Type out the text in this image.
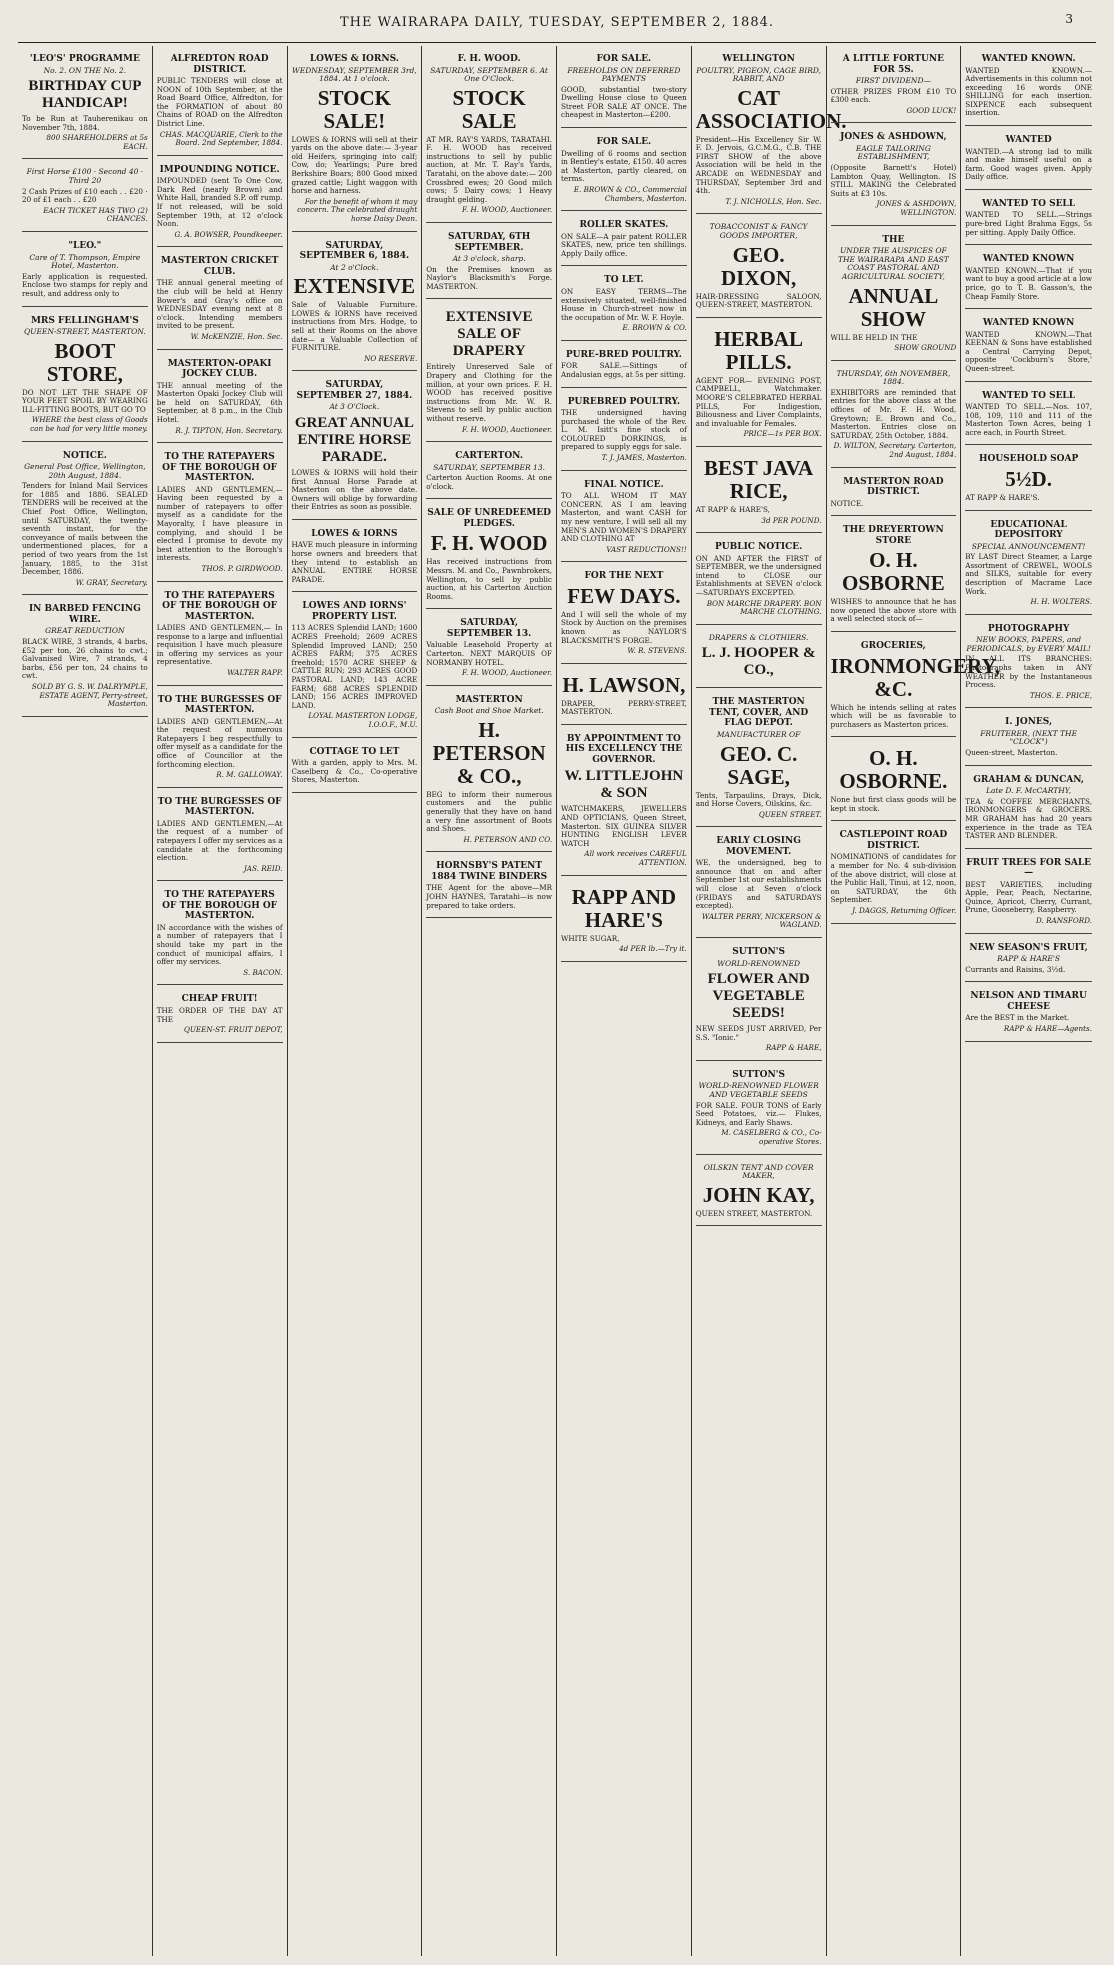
THE WAIRARAPA DAILY, TUESDAY, SEPTEMBER 2, 1884.	3
'LEO'S' PROGRAMME
No. 2. ON THE No. 2.
BIRTHDAY CUP HANDICAP!
To be Run at Tauherenikau on November 7th, 1884.
800 SHAREHOLDERS at 5s EACH.
First Horse £100 · Second 40 · Third 20
2 Cash Prizes of £10 each . . £20 · 20 of £1 each . . £20
EACH TICKET HAS TWO (2) CHANCES.
"LEO."
Care of T. Thompson, Empire Hotel, Masterton.
Early application is requested. Enclose two stamps for reply and result, and address only to
MRS FELLINGHAM'S
QUEEN-STREET, MASTERTON.
BOOT STORE,
DO NOT LET THE SHAPE OF YOUR FEET SPOIL BY WEARING ILL-FITTING BOOTS, BUT GO TO
WHERE the best class of Goods can be had for very little money.
NOTICE.
General Post Office, Wellington, 20th August, 1884.
Tenders for Inland Mail Services for 1885 and 1886. SEALED TENDERS will be received at the Chief Post Office, Wellington, until SATURDAY, the twenty-seventh instant, for the conveyance of mails between the undermentioned places, for a period of two years from the 1st January, 1885, to the 31st December, 1886.
W. GRAY, Secretary.
IN BARBED FENCING WIRE.
GREAT REDUCTION
BLACK WIRE, 3 strands, 4 barbs, £52 per ton, 26 chains to cwt.; Galvanised Wire, 7 strands, 4 barbs, £56 per ton, 24 chains to cwt.
SOLD BY G. S. W. DALRYMPLE, ESTATE AGENT, Perry-street, Masterton.
ALFREDTON ROAD DISTRICT.
PUBLIC TENDERS will close at NOON of 10th September, at the Road Board Office, Alfredton, for the FORMATION of about 80 Chains of ROAD on the Alfredton District Line.
CHAS. MACQUARIE, Clerk to the Board. 2nd September, 1884.
IMPOUNDING NOTICE.
IMPOUNDED (sent To One Cow, Dark Red (nearly Brown) and White Hall, branded S.P. off rump. If not released, will be sold September 19th, at 12 o'clock Noon.
G. A. BOWSER, Poundkeeper.
MASTERTON CRICKET CLUB.
THE annual general meeting of the club will be held at Henry Bower's and Gray's office on WEDNESDAY evening next at 8 o'clock. Intending members invited to be present.
W. McKENZIE, Hon. Sec.
MASTERTON-OPAKI JOCKEY CLUB.
THE annual meeting of the Masterton Opaki Jockey Club will be held on SATURDAY, 6th September, at 8 p.m., in the Club Hotel.
R. J. TIPTON, Hon. Secretary.
TO THE RATEPAYERS OF THE BOROUGH OF MASTERTON.
LADIES AND GENTLEMEN,— Having been requested by a number of ratepayers to offer myself as a candidate for the Mayoralty, I have pleasure in complying, and should I be elected I promise to devote my best attention to the Borough's interests.
THOS. P. GIRDWOOD.
TO THE RATEPAYERS OF THE BOROUGH OF MASTERTON.
LADIES AND GENTLEMEN,— In response to a large and influential requisition I have much pleasure in offering my services as your representative.
WALTER RAPP.
TO THE BURGESSES OF MASTERTON.
LADIES AND GENTLEMEN,—At the request of numerous Ratepayers I beg respectfully to offer myself as a candidate for the office of Councillor at the forthcoming election.
R. M. GALLOWAY.
TO THE BURGESSES OF MASTERTON.
LADIES AND GENTLEMEN,—At the request of a number of ratepayers I offer my services as a candidate at the forthcoming election.
JAS. REID.
TO THE RATEPAYERS OF THE BOROUGH OF MASTERTON.
IN accordance with the wishes of a number of ratepayers that I should take my part in the conduct of municipal affairs, I offer my services.
S. BACON.
CHEAP FRUIT!
THE ORDER OF THE DAY AT THE
QUEEN-ST. FRUIT DEPOT,
LOWES & IORNS.
WEDNESDAY, SEPTEMBER 3rd, 1884. At 1 o'clock.
STOCK SALE!
LOWES & IORNS will sell at their yards on the above date:— 3-year old Heifers, springing into calf; Cow, do; Yearlings; Pure bred Berkshire Boars; 800 Good mixed grazed cattle; Light waggon with horse and harness.
For the benefit of whom it may concern. The celebrated draught horse Daisy Dean.
SATURDAY, SEPTEMBER 6, 1884.
At 2 o'Clock.
EXTENSIVE
Sale of Valuable Furniture. LOWES & IORNS have received instructions from Mrs. Hodge, to sell at their Rooms on the above date— a Valuable Collection of FURNITURE.
NO RESERVE.
SATURDAY, SEPTEMBER 27, 1884.
At 3 O'Clock.
GREAT ANNUAL ENTIRE HORSE PARADE.
LOWES & IORNS will hold their first Annual Horse Parade at Masterton on the above date. Owners will oblige by forwarding their Entries as soon as possible.
LOWES & IORNS
HAVE much pleasure in informing horse owners and breeders that they intend to establish an ANNUAL ENTIRE HORSE PARADE.
LOWES AND IORNS' PROPERTY LIST.
113 ACRES Splendid LAND; 1600 ACRES Freehold; 2609 ACRES Splendid Improved LAND; 250 ACRES FARM; 375 ACRES freehold; 1570 ACRE SHEEP & CATTLE RUN; 293 ACRES GOOD PASTORAL LAND; 143 ACRE FARM; 688 ACRES SPLENDID LAND; 156 ACRES IMPROVED LAND.
LOYAL MASTERTON LODGE, I.O.O.F., M.U.
COTTAGE TO LET
With a garden, apply to Mrs. M. Caselberg & Co., Co-operative Stores, Masterton.
F. H. WOOD.
SATURDAY, SEPTEMBER 6. At One O'Clock.
STOCK SALE
AT MR. RAY'S YARDS, TARATAHI. F. H. WOOD has received instructions to sell by public auction, at Mr. T. Ray's Yards, Taratahi, on the above date:— 200 Crossbred ewes; 20 Good milch cows; 5 Dairy cows; 1 Heavy draught gelding.
F. H. WOOD, Auctioneer.
SATURDAY, 6TH SEPTEMBER.
At 3 o'clock, sharp.
On the Premises known as Naylor's Blacksmith's Forge. MASTERTON.
EXTENSIVE SALE OF DRAPERY
Entirely Unreserved Sale of Drapery and Clothing for the million, at your own prices. F. H. WOOD has received positive instructions from Mr. W. R. Stevens to sell by public auction without reserve.
F. H. WOOD, Auctioneer.
CARTERTON.
SATURDAY, SEPTEMBER 13.
Carterton Auction Rooms. At one o'clock.
SALE OF UNREDEEMED PLEDGES.
F. H. WOOD
Has received instructions from Messrs. M. and Co., Pawnbrokers, Wellington, to sell by public auction, at his Carterton Auction Rooms.
SATURDAY, SEPTEMBER 13.
Valuable Leasehold Property at Carterton. NEXT MARQUIS OF NORMANBY HOTEL.
F. H. WOOD, Auctioneer.
MASTERTON
Cash Boot and Shoe Market.
H. PETERSON & CO.,
BEG to inform their numerous customers and the public generally that they have on hand a very fine assortment of Boots and Shoes.
H. PETERSON AND CO.
HORNSBY'S PATENT 1884 TWINE BINDERS
THE Agent for the above—MR JOHN HAYNES, Taratahi—is now prepared to take orders.
FOR SALE.
FREEHOLDS ON DEFERRED PAYMENTS
GOOD, substantial two-story Dwelling House close to Queen Street FOR SALE AT ONCE. The cheapest in Masterton—£200.
FOR SALE.
Dwelling of 6 rooms and section in Bentley's estate, £150. 40 acres at Masterton, partly cleared, on terms.
E. BROWN & CO., Commercial Chambers, Masterton.
ROLLER SKATES.
ON SALE—A pair patent ROLLER SKATES, new, price ten shillings. Apply Daily office.
TO LET.
ON EASY TERMS—The extensively situated, well-finished House in Church-street now in the occupation of Mr. W. F. Hoyle.
E. BROWN & CO.
PURE-BRED POULTRY.
FOR SALE.—Sittings of Andalusian eggs, at 5s per sitting.
PUREBRED POULTRY.
THE undersigned having purchased the whole of the Rev. L. M. Isitt's fine stock of COLOURED DORKINGS, is prepared to supply eggs for sale.
T. J. JAMES, Masterton.
FINAL NOTICE.
TO ALL WHOM IT MAY CONCERN. AS I am leaving Masterton, and want CASH for my new venture, I will sell all my MEN'S AND WOMEN'S DRAPERY AND CLOTHING AT
VAST REDUCTIONS!!
FOR THE NEXT
FEW DAYS.
And I will sell the whole of my Stock by Auction on the premises known as NAYLOR'S BLACKSMITH'S FORGE.
W. R. STEVENS.
H. LAWSON,
DRAPER, PERRY-STREET, MASTERTON.
BY APPOINTMENT TO HIS EXCELLENCY THE GOVERNOR.
W. LITTLEJOHN & SON
WATCHMAKERS, JEWELLERS AND OPTICIANS, Queen Street, Masterton. SIX GUINEA SILVER HUNTING ENGLISH LEVER WATCH
All work receives CAREFUL ATTENTION.
RAPP AND HARE'S
WHITE SUGAR,
4d PER lb.—Try it.
WELLINGTON
POULTRY, PIGEON, CAGE BIRD, RABBIT, AND
CAT ASSOCIATION.
President—His Excellency Sir W. F. D. Jervois, G.C.M.G., C.B. THE FIRST SHOW of the above Association will be held in the ARCADE on WEDNESDAY and THURSDAY, September 3rd and 4th.
T. J. NICHOLLS, Hon. Sec.
TOBACCONIST & FANCY GOODS IMPORTER,
GEO. DIXON,
HAIR-DRESSING SALOON, QUEEN-STREET, MASTERTON.
HERBAL PILLS.
AGENT FOR— EVENING POST, CAMPBELL, Watchmaker. MOORE'S CELEBRATED HERBAL PILLS, For Indigestion, Biliousness and Liver Complaints, and invaluable for Females.
PRICE—1s PER BOX.
BEST JAVA RICE,
AT RAPP & HARE'S,
3d PER POUND.
PUBLIC NOTICE.
ON AND AFTER the FIRST of SEPTEMBER, we the undersigned intend to CLOSE our Establishments at SEVEN o'clock—SATURDAYS EXCEPTED.
BON MARCHE DRAPERY. BON MARCHE CLOTHING.
DRAPERS & CLOTHIERS.
L. J. HOOPER & CO.,
THE MASTERTON TENT, COVER, AND FLAG DEPOT.
MANUFACTURER OF
GEO. C. SAGE,
Tents, Tarpaulins, Drays, Dick, and Horse Covers, Oilskins, &c.
QUEEN STREET.
EARLY CLOSING MOVEMENT.
WE, the undersigned, beg to announce that on and after September 1st our establishments will close at Seven o'clock (FRIDAYS and SATURDAYS excepted).
WALTER PERRY, NICKERSON & WAGLAND.
SUTTON'S
WORLD-RENOWNED
FLOWER AND VEGETABLE SEEDS!
NEW SEEDS JUST ARRIVED, Per S.S. "Ionic."
RAPP & HARE,
SUTTON'S
WORLD-RENOWNED FLOWER AND VEGETABLE SEEDS
FOR SALE. FOUR TONS of Early Seed Potatoes, viz.— Flukes, Kidneys, and Early Shaws.
M. CASELBERG & CO., Co-operative Stores.
OILSKIN TENT AND COVER MAKER,
JOHN KAY,
QUEEN STREET, MASTERTON.
A LITTLE FORTUNE FOR 5S.
FIRST DIVIDEND—
OTHER PRIZES FROM £10 TO £300 each.
GOOD LUCK!
JONES & ASHDOWN,
EAGLE TAILORING ESTABLISHMENT,
(Opposite Barnett's Hotel) Lambton Quay, Wellington. IS STILL MAKING the Celebrated Suits at £3 10s.
JONES & ASHDOWN, WELLINGTON.
THE
UNDER THE AUSPICES OF THE WAIRARAPA AND EAST COAST PASTORAL AND AGRICULTURAL SOCIETY,
ANNUAL SHOW
WILL BE HELD IN THE
SHOW GROUND
THURSDAY, 6th NOVEMBER, 1884.
EXHIBITORS are reminded that entries for the above class at the offices of Mr. F. H. Wood, Greytown; E. Brown and Co., Masterton. Entries close on SATURDAY, 25th October, 1884.
D. WILTON, Secretary. Carterton, 2nd August, 1884.
MASTERTON ROAD DISTRICT.
NOTICE.
THE DREYERTOWN STORE
O. H. OSBORNE
WISHES to announce that he has now opened the above store with a well selected stock of—
GROCERIES,
IRONMONGERY, &C.
Which he intends selling at rates which will be as favorable to purchasers as Masterton prices.
O. H. OSBORNE.
None but first class goods will be kept in stock.
CASTLEPOINT ROAD DISTRICT.
NOMINATIONS of candidates for a member for No. 4 sub-division of the above district, will close at the Public Hall, Tinui, at 12, noon, on SATURDAY, the 6th September.
J. DAGGS, Returning Officer.
WANTED KNOWN.
WANTED KNOWN.—Advertisements in this column not exceeding 16 words ONE SHILLING for each insertion. SIXPENCE each subsequent insertion.
WANTED
WANTED.—A strong lad to milk and make himself useful on a farm. Good wages given. Apply Daily office.
WANTED TO SELL
WANTED TO SELL.—Strings pure-bred Light Brahma Eggs, 5s per sitting. Apply Daily Office.
WANTED KNOWN
WANTED KNOWN.—That if you want to buy a good article at a low price, go to T. B. Gasson's, the Cheap Family Store.
WANTED KNOWN
WANTED KNOWN.—That KEENAN & Sons have established a Central Carrying Depot, opposite 'Cockburn's Store,' Queen-street.
WANTED TO SELL
WANTED TO SELL.—Nos. 107, 108, 109, 110 and 111 of the Masterton Town Acres, being 1 acre each, in Fourth Street.
HOUSEHOLD SOAP
5½D.
AT RAPP & HARE'S.
EDUCATIONAL DEPOSITORY
SPECIAL ANNOUNCEMENT!
BY LAST Direct Steamer, a Large Assortment of CREWEL, WOOLS and SILKS, suitable for every description of Macrame Lace Work.
H. H. WOLTERS.
PHOTOGRAPHY
NEW BOOKS, PAPERS, and PERIODICALS, by EVERY MAIL!
IN ALL ITS BRANCHES: Photographs taken in ANY WEATHER by the Instantaneous Process.
THOS. E. PRICE,
I. JONES,
FRUITERER, (NEXT THE "CLOCK")
Queen-street, Masterton.
GRAHAM & DUNCAN,
Late D. F. McCARTHY,
TEA & COFFEE MERCHANTS, IRONMONGERS & GROCERS. MR GRAHAM has had 20 years experience in the trade as TEA TASTER AND BLENDER.
FRUIT TREES FOR SALE—
BEST VARIETIES, including Apple, Pear, Peach, Nectarine, Quince, Apricot, Cherry, Currant, Prune, Gooseberry, Raspberry.
D. RANSFORD.
NEW SEASON'S FRUIT,
RAPP & HARE'S
Currants and Raisins, 3½d.
NELSON AND TIMARU CHEESE
Are the BEST in the Market.
RAPP & HARE—Agents.
